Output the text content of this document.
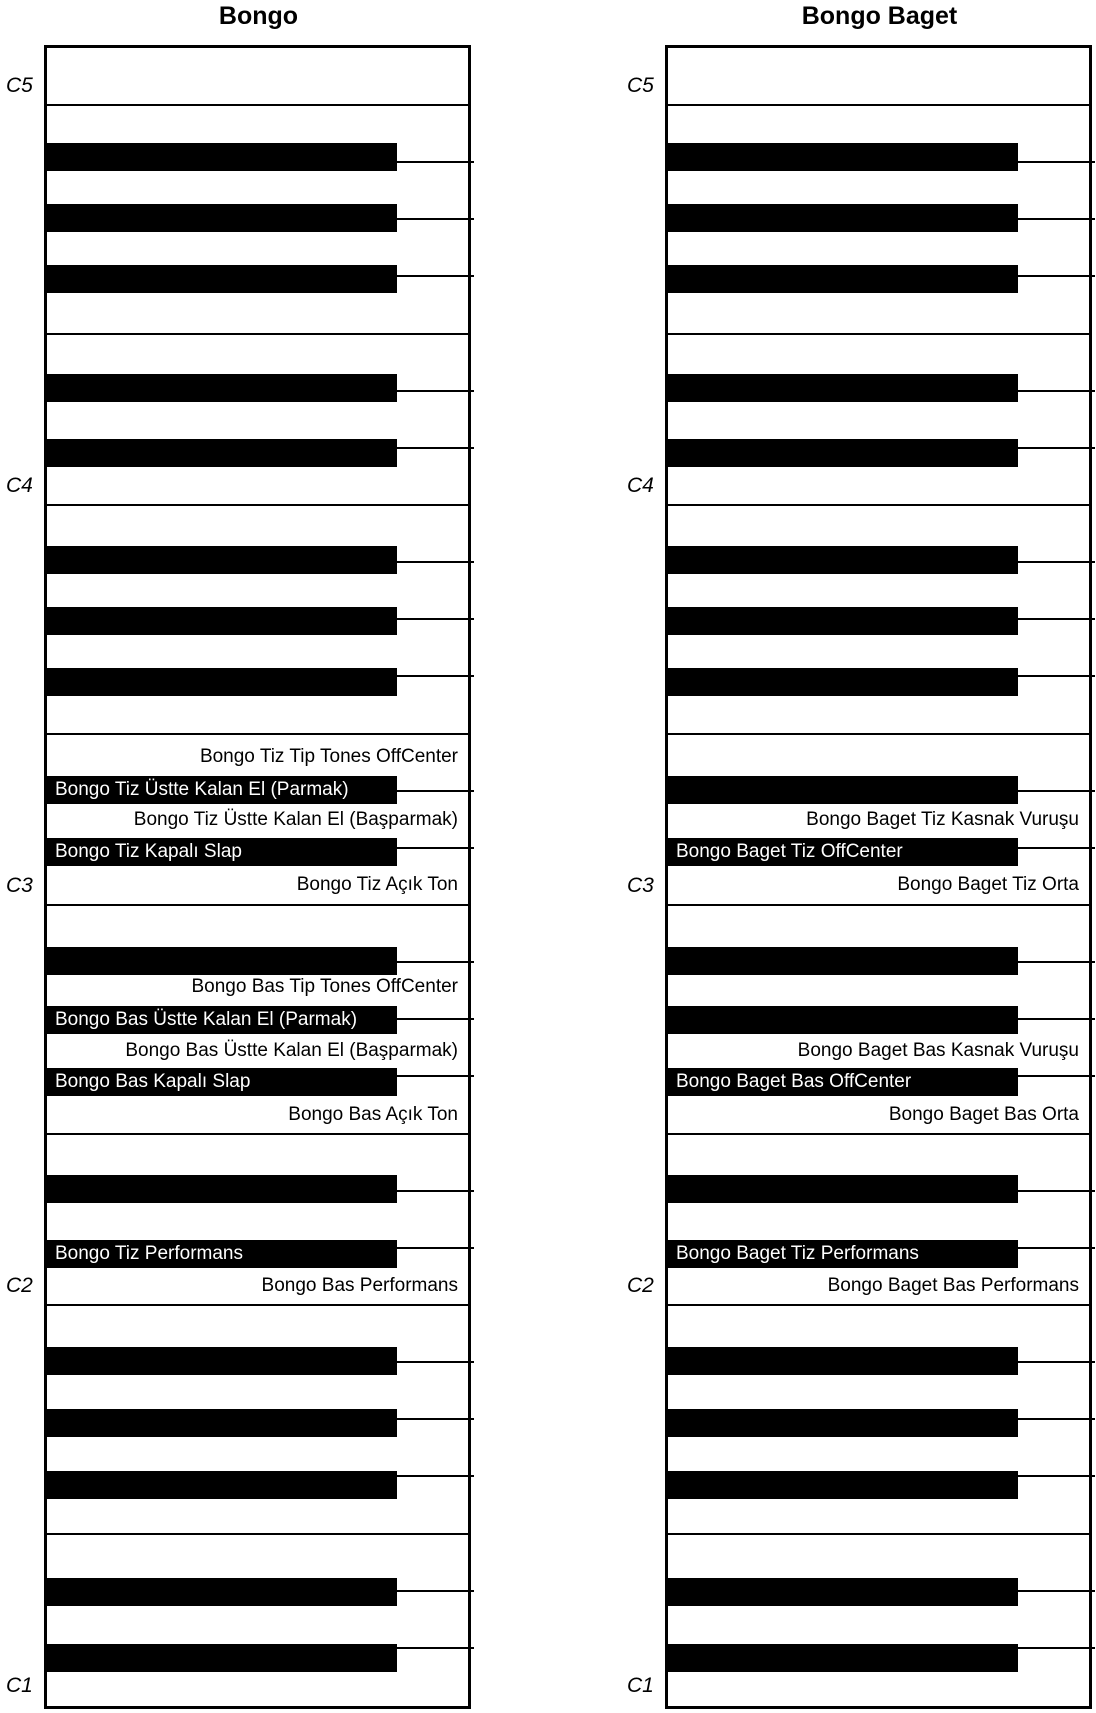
Bongo
Bongo Tiz Üstte Kalan El (Parmak)
Bongo Tiz Kapalı Slap
Bongo Bas Üstte Kalan El (Parmak)
Bongo Bas Kapalı Slap
Bongo Tiz Performans
Bongo Tiz Tip Tones OffCenter
Bongo Tiz Üstte Kalan El (Başparmak)
Bongo Tiz Açık Ton
Bongo Bas Tip Tones OffCenter
Bongo Bas Üstte Kalan El (Başparmak)
Bongo Bas Açık Ton
Bongo Bas Performans
C5
C4
C3
C2
C1
Bongo Baget
Bongo Baget Tiz OffCenter
Bongo Baget Bas OffCenter
Bongo Baget Tiz Performans
Bongo Baget Tiz Kasnak Vuruşu
Bongo Baget Tiz Orta
Bongo Baget Bas Kasnak Vuruşu
Bongo Baget Bas Orta
Bongo Baget Bas Performans
C5
C4
C3
C2
C1
